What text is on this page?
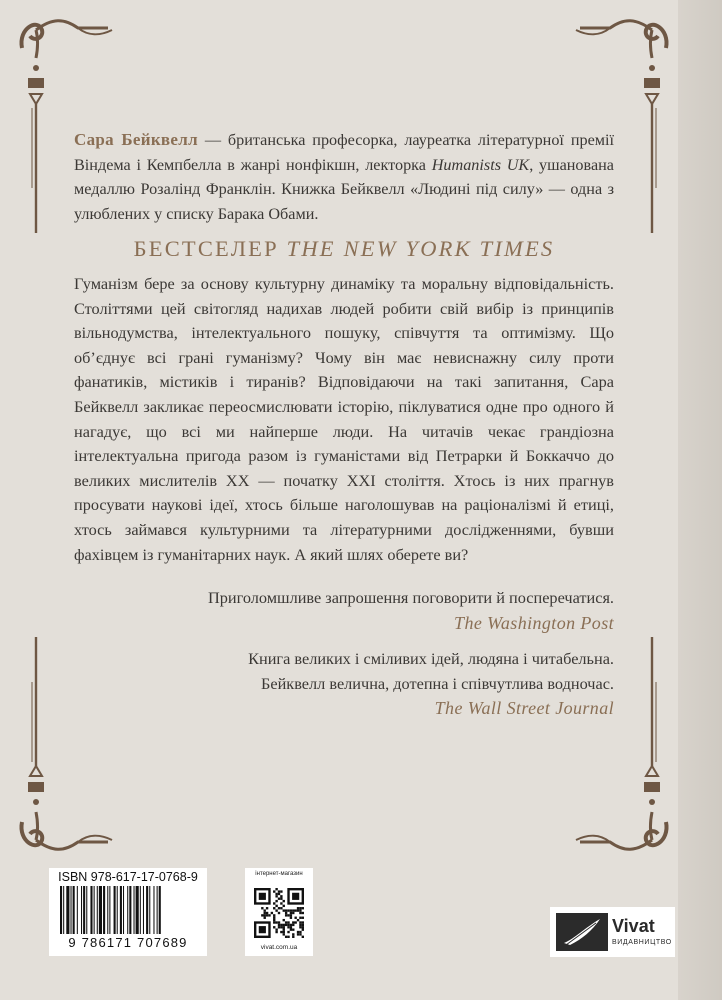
Сара Бейквелл — британська професорка, лауреатка літературної премії Віндема і Кемпбелла в жанрі нонфікшн, лекторка Humanists UK, ушанована медаллю Розалінд Франклін. Книжка Бейквелл «Людині під силу» — одна з улюблених у списку Барака Обами.
БЕСТСЕЛЕР THE NEW YORK TIMES

Гуманізм бере за основу культурну динаміку та моральну відповідальність. Століттями цей світогляд надихав людей робити свій вибір із принципів вільнодумства, інтелектуального пошуку, співчуття та оптимізму. Що об’єднує всі грані гуманізму? Чому він має невиснажну силу проти фанатиків, містиків і тиранів? Відповідаючи на такі запитання, Сара Бейквелл закликає переосмислювати історію, піклуватися одне про одного й нагадує, що всі ми найперше люди. На читачів чекає грандіозна інтелектуальна пригода разом із гуманістами від Петрарки й Боккаччо до великих мислителів XX — початку XXI століття. Хтось із них прагнув просувати наукові ідеї, хтось більше наголошував на раціоналізмі й етиці, хтось займався культурними та літературними дослідженнями, бувши фахівцем із гуманітарних наук. А який шлях оберете ви?

Приголомшливе запрошення поговорити й посперечатися.
The Washington Post
Книга великих і сміливих ідей, людяна і читабельна.
Бейквелл велична, дотепна і співчутлива водночас.
The Wall Street Journal
ISBN 978-617-17-0768-9
9 786171 707689
інтернет-магазин
vivat.com.ua
Vivat
ВИДАВНИЦТВО
